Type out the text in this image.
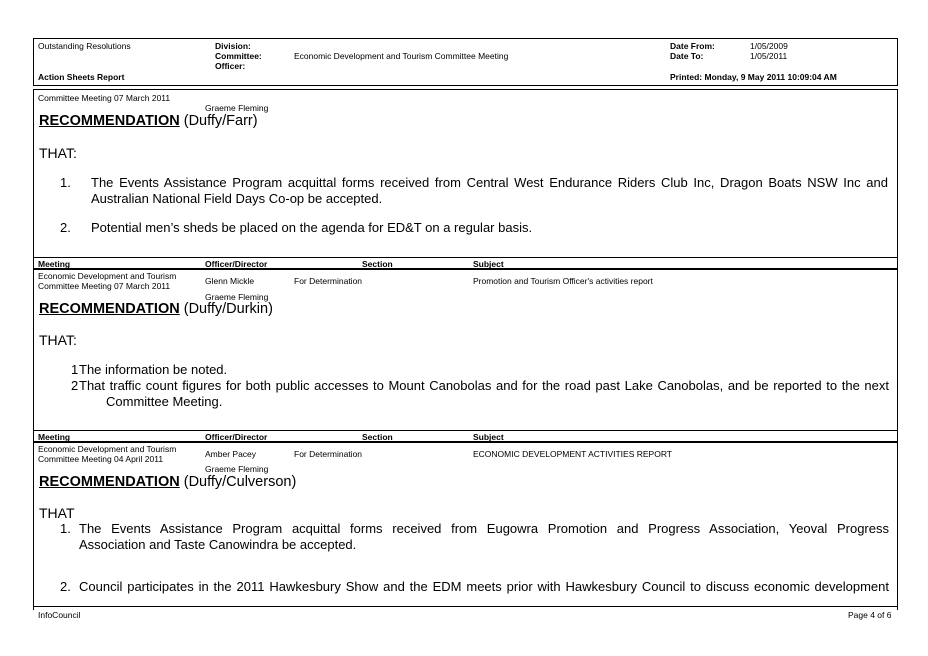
Outstanding Resolutions
Action Sheets Report
Division:
Committee:	Economic Development and Tourism Committee Meeting
Officer:
Date From:	1/05/2009
Date To:	1/05/2011
Printed: Monday, 9 May 2011 10:09:04 AM
Committee Meeting 07 March 2011
Graeme Fleming
RECOMMENDATION (Duffy/Farr)
THAT:
1. The Events Assistance Program acquittal forms received from Central West Endurance Riders Club Inc, Dragon Boats NSW Inc and
Australian National Field Days Co-op be accepted.
2. Potential men’s sheds be placed on the agenda for ED&T on a regular basis.
Meeting	Officer/Director	Section	Subject
Economic Development and Tourism
Committee Meeting 07 March 2011	Glenn Mickle	For Determination	Promotion and Tourism Officer's activities report
Graeme Fleming
RECOMMENDATION (Duffy/Durkin)
THAT:
1 The information be noted.
2 That traffic count figures for both public accesses to Mount Canobolas and for the road past Lake Canobolas, and be reported to the next
Committee Meeting.
Meeting	Officer/Director	Section	Subject
Economic Development and Tourism
Committee Meeting 04 April 2011	Amber Pacey	For Determination	ECONOMIC DEVELOPMENT ACTIVITIES REPORT
Graeme Fleming
RECOMMENDATION (Duffy/Culverson)
THAT
1. The Events Assistance Program acquittal forms received from Eugowra Promotion and Progress Association, Yeoval Progress
Association and Taste Canowindra be accepted.
2. Council participates in the 2011 Hawkesbury Show and the EDM meets prior with Hawkesbury Council to discuss economic development
InfoCouncil	Page 4 of 6
